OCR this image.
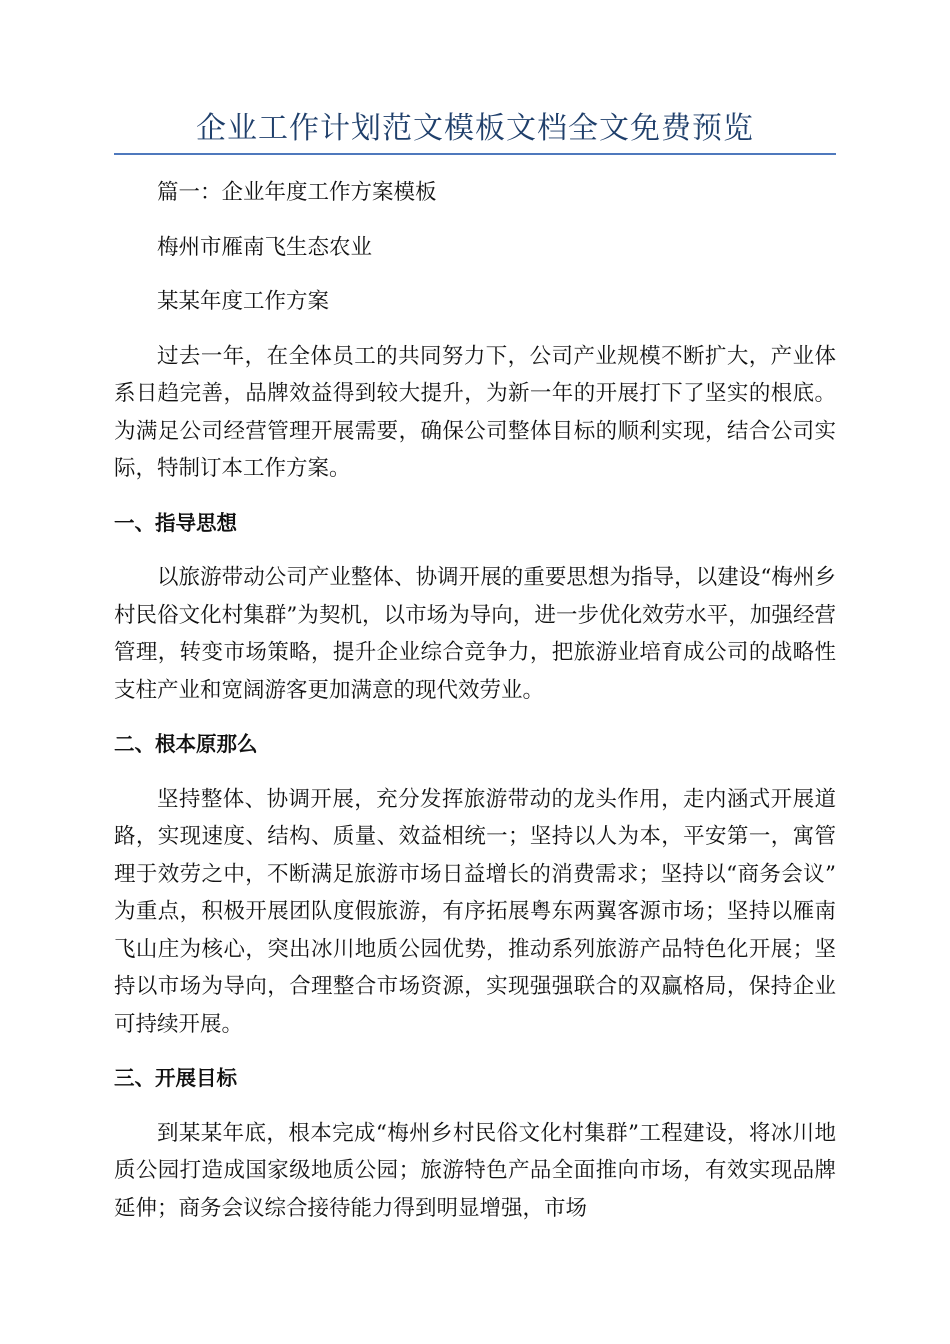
企业工作计划范文模板文档全文免费预览

篇一：企业年度工作方案模板

梅州市雁南飞生态农业

某某年度工作方案

过去一年，在全体员工的共同努力下，公司产业规模不断扩大，产业体系日趋完善，品牌效益得到较大提升，为新一年的开展打下了坚实的根底。为满足公司经营管理开展需要，确保公司整体目标的顺利实现，结合公司实际，特制订本工作方案。

一、指导思想

以旅游带动公司产业整体、协调开展的重要思想为指导，以建设“梅州乡村民俗文化村集群”为契机，以市场为导向，进一步优化效劳水平，加强经营管理，转变市场策略，提升企业综合竞争力，把旅游业培育成公司的战略性支柱产业和宽阔游客更加满意的现代效劳业。

二、根本原那么

坚持整体、协调开展，充分发挥旅游带动的龙头作用，走内涵式开展道路，实现速度、结构、质量、效益相统一；坚持以人为本，平安第一，寓管理于效劳之中，不断满足旅游市场日益增长的消费需求；坚持以“商务会议”为重点，积极开展团队度假旅游，有序拓展粤东两翼客源市场；坚持以雁南飞山庄为核心，突出冰川地质公园优势，推动系列旅游产品特色化开展；坚持以市场为导向，合理整合市场资源，实现强强联合的双赢格局，保持企业可持续开展。

三、开展目标

到某某年底，根本完成“梅州乡村民俗文化村集群”工程建设，将冰川地质公园打造成国家级地质公园；旅游特色产品全面推向市场，有效实现品牌延伸；商务会议综合接待能力得到明显增强，市场
